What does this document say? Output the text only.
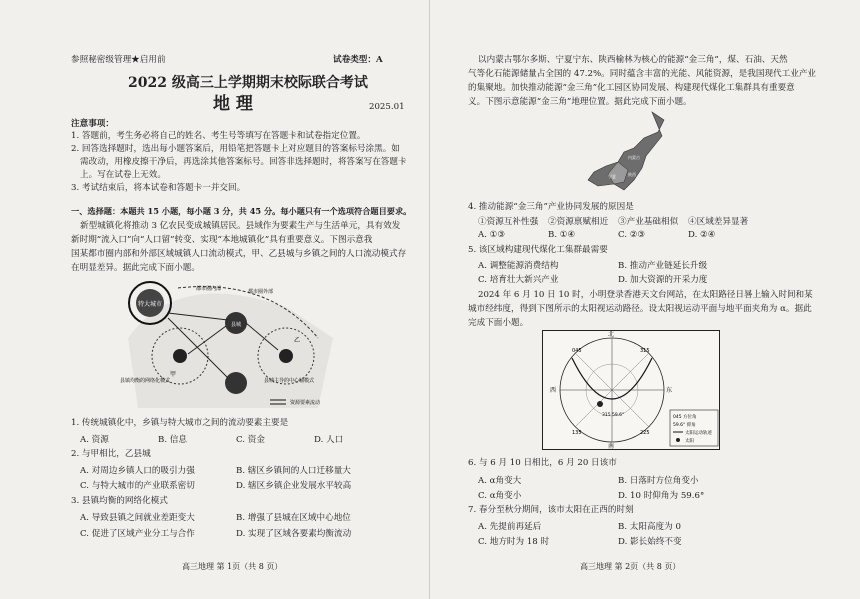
参照秘密级管理★启用前	试卷类型：A
2022 级高三上学期期末校际联合考试
地 理	2025.01
注意事项：
1. 答题前，考生务必将自己的姓名、考生号等填写在答题卡和试卷指定位置。
2. 回答选择题时，选出每小题答案后，用铅笔把答题卡上对应题目的答案标号涂黑。如
需改动，用橡皮擦干净后，再选涂其他答案标号。回答非选择题时，将答案写在答题卡
上。写在试卷上无效。
3. 考试结束后，将本试卷和答题卡一并交回。
一、选择题：本题共 15 小题，每小题 3 分，共 45 分。每小题只有一个选项符合题目要求。
新型城镇化将推动 3 亿农民变成城镇居民。县域作为要素生产与生活单元，具有效发
新时期“流入口”向“人口留”转变、实现“本地城镇化”具有重要意义。下图示意我
国某都市圈内部和外部区域城镇人口流动模式，甲、乙县城与乡镇之间的人口流动模式存
在明显差异。据此完成下面小题。
特大城市
县城
甲
乙
都市圈外部
都市圈内部
县镇均衡的网络化模式	县城主导的中心轴模式
资源要素流动
1. 传统城镇化中，乡镇与特大城市之间的流动要素主要是
A. 资源	B. 信息	C. 资金	D. 人口
2. 与甲相比，乙县城
A. 对周边乡镇人口的吸引力强	B. 辖区乡镇间的人口迁移量大
C. 与特大城市的产业联系密切	D. 辖区乡镇企业发展水平较高
3. 县镇均衡的网络化模式
A. 导致县镇之间就业差距变大	B. 增强了县城在区域中心地位
C. 促进了区域产业分工与合作	D. 实现了区域各要素均衡流动
高三地理 第 1页（共 8 页）
以内蒙古鄂尔多斯、宁夏宁东、陕西榆林为核心的能源“金三角”，煤、石油、天然
气等化石能源储量占全国的 47.2%。同时蕴含丰富的光能、风能资源，是我国现代工业产业
的集聚地。加快推动能源“金三角”化工园区协同发展、构建现代煤化工集群具有重要意
义。下图示意能源“金三角”地理位置。据此完成下面小题。
内蒙古
宁夏	陕西
4. 推动能源“金三角”产业协同发展的原因是
①资源互补性强 ②资源禀赋相近 ③产业基础相似 ④区域差异显著
A. ①③	B. ①④	C. ②③	D. ②④
5. 该区域构建现代煤化工集群最需要
A. 调整能源消费结构	B. 推动产业链延长升级
C. 培育壮大新兴产业	D. 加大资源的开采力度
2024 年 6 月 10 日 10 时，小明登录香港天文台网站，在太阳路径日晷上输入时间和某
城市经纬度，得到下图所示的太阳视运动路径。设太阳视运动平面与地平面夹角为 α。据此
完成下面小题。
北
南
东
西
045	315
135	225
315 59.6°	045 方位角
59.6° 仰角
太阳运动轨迹
太阳
6. 与 6 月 10 日相比，6 月 20 日该市
A. α角变大	B. 日落时方位角变小
C. α角变小	D. 10 时仰角为 59.6°
7. 春分至秋分期间，该市太阳在正西的时刻
A. 先提前再延后	B. 太阳高度为 0
C. 地方时为 18 时	D. 影长始终不变
高三地理 第 2页（共 8 页）
